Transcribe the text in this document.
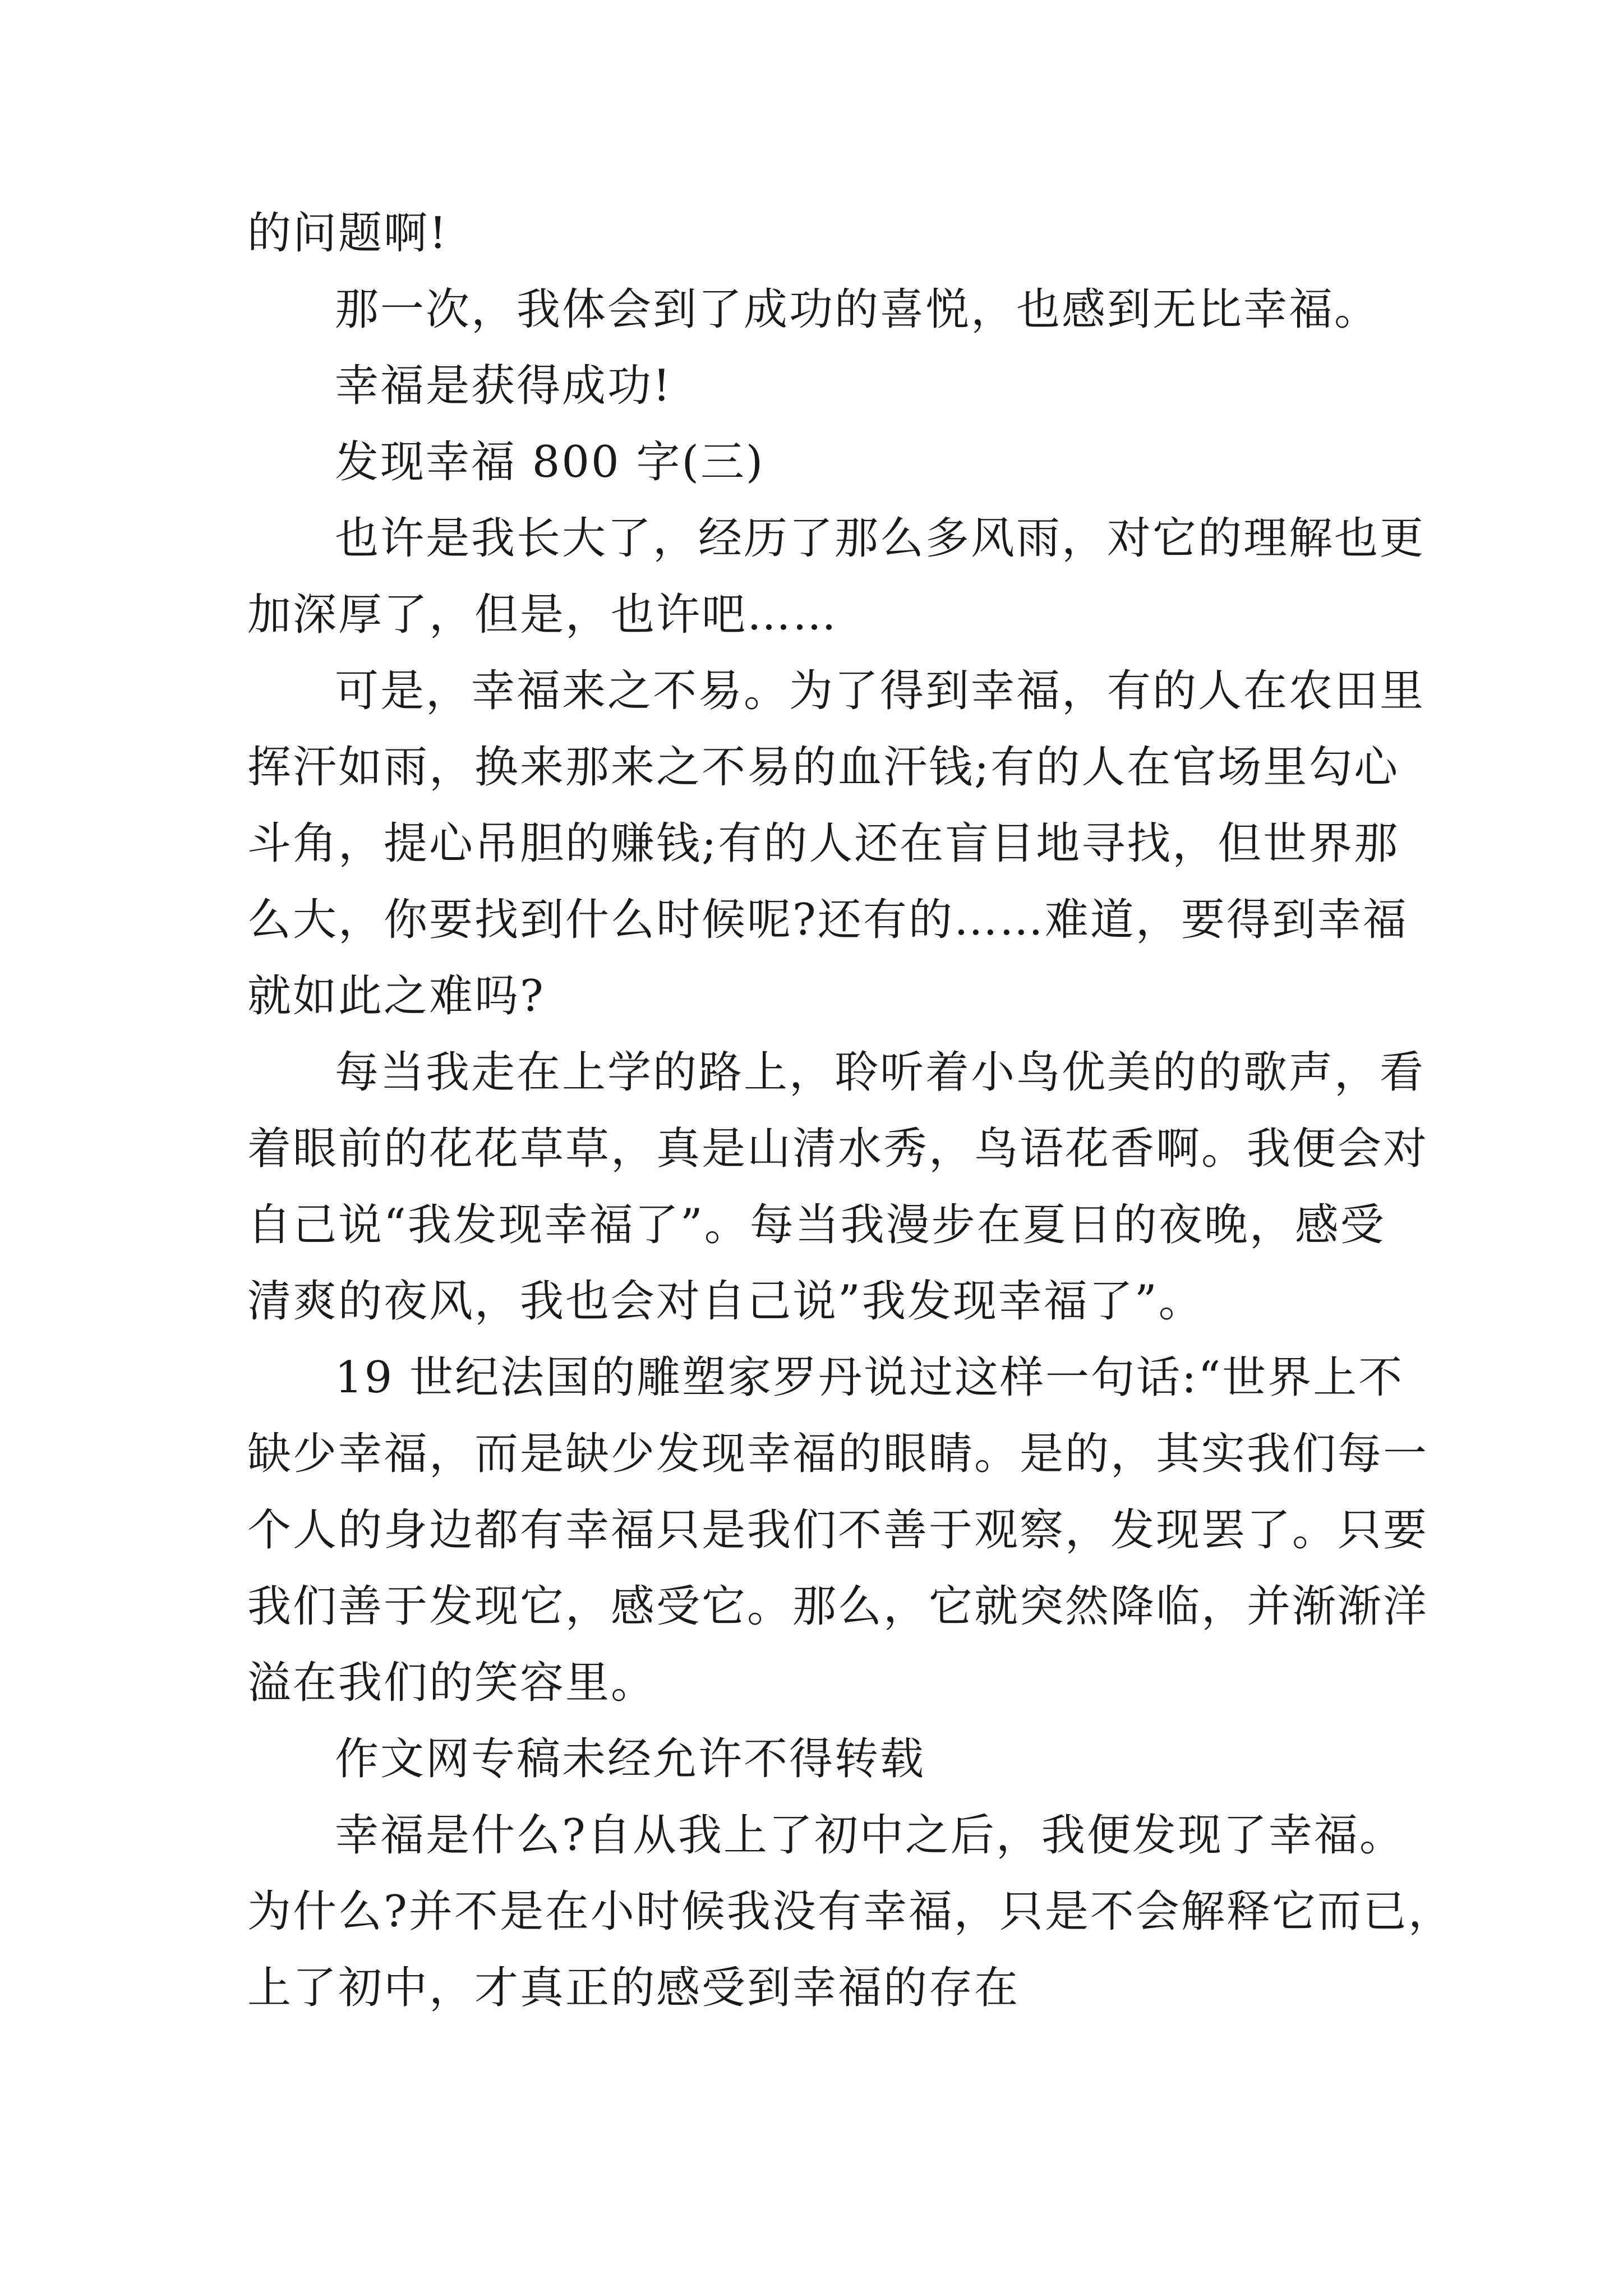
的问题啊!
那一次，我体会到了成功的喜悦，也感到无比幸福。
幸福是获得成功!
发现幸福 800 字(三)
也许是我长大了，经历了那么多风雨，对它的理解也更
加深厚了，但是，也许吧……
可是，幸福来之不易。为了得到幸福，有的人在农田里
挥汗如雨，换来那来之不易的血汗钱;有的人在官场里勾心
斗角，提心吊胆的赚钱;有的人还在盲目地寻找，但世界那
么大，你要找到什么时候呢?还有的……难道，要得到幸福
就如此之难吗?
每当我走在上学的路上，聆听着小鸟优美的的歌声，看
着眼前的花花草草，真是山清水秀，鸟语花香啊。我便会对
自己说“我发现幸福了”。每当我漫步在夏日的夜晚，感受
清爽的夜风，我也会对自己说”我发现幸福了”。
19 世纪法国的雕塑家罗丹说过这样一句话:“世界上不
缺少幸福，而是缺少发现幸福的眼睛。是的，其实我们每一
个人的身边都有幸福只是我们不善于观察，发现罢了。只要
我们善于发现它，感受它。那么，它就突然降临，并渐渐洋
溢在我们的笑容里。
作文网专稿未经允许不得转载
幸福是什么?自从我上了初中之后，我便发现了幸福。
为什么?并不是在小时候我没有幸福，只是不会解释它而已，
上了初中，才真正的感受到幸福的存在
